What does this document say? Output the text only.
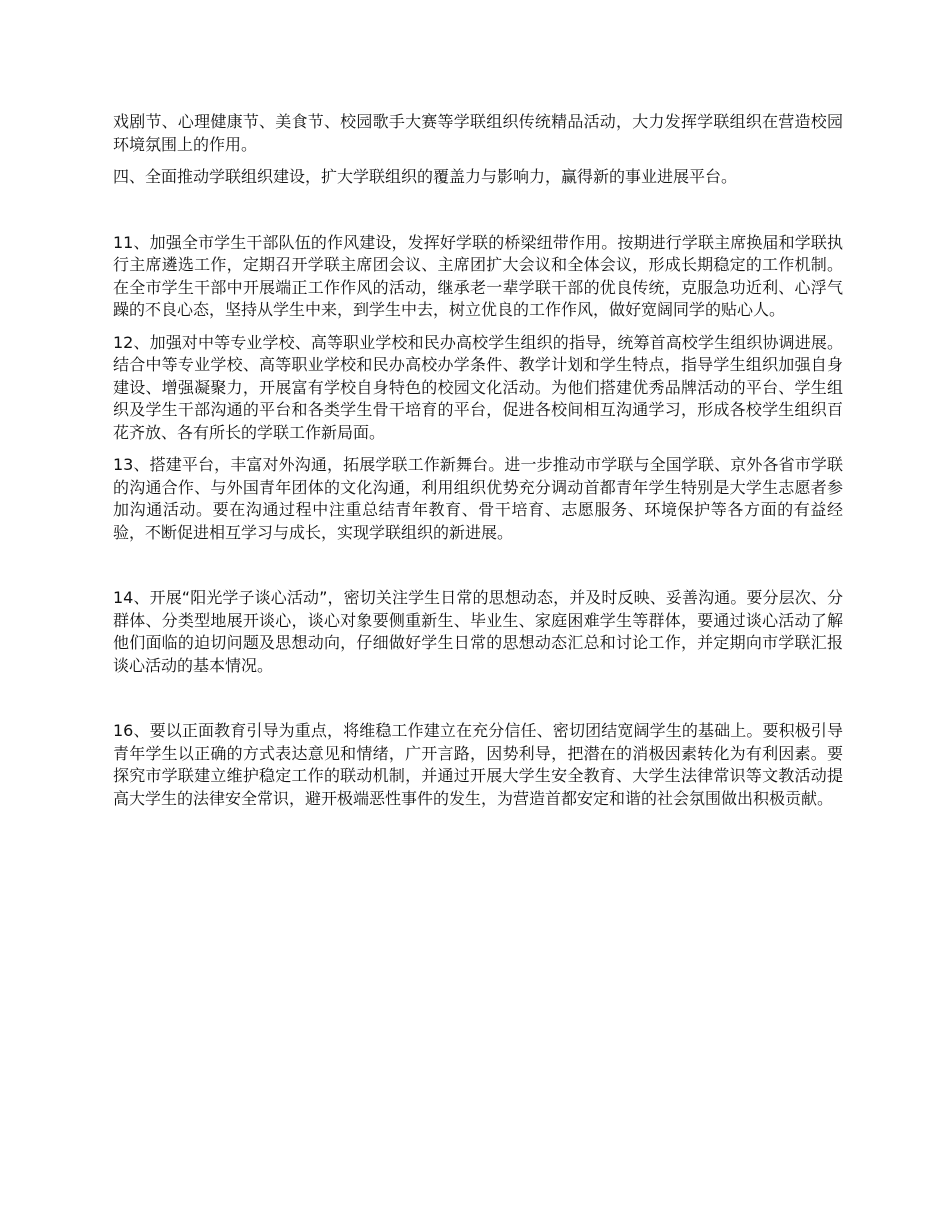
戏剧节、心理健康节、美食节、校园歌手大赛等学联组织传统精品活动，大力发挥学联组织在营造校园环境氛围上的作用。

四、全面推动学联组织建设，扩大学联组织的覆盖力与影响力，赢得新的事业进展平台。

11、加强全市学生干部队伍的作风建设，发挥好学联的桥梁纽带作用。按期进行学联主席换届和学联执行主席遴选工作，定期召开学联主席团会议、主席团扩大会议和全体会议，形成长期稳定的工作机制。在全市学生干部中开展端正工作作风的活动，继承老一辈学联干部的优良传统，克服急功近利、心浮气躁的不良心态，坚持从学生中来，到学生中去，树立优良的工作作风，做好宽阔同学的贴心人。

12、加强对中等专业学校、高等职业学校和民办高校学生组织的指导，统筹首高校学生组织协调进展。结合中等专业学校、高等职业学校和民办高校办学条件、教学计划和学生特点，指导学生组织加强自身建设、增强凝聚力，开展富有学校自身特色的校园文化活动。为他们搭建优秀品牌活动的平台、学生组织及学生干部沟通的平台和各类学生骨干培育的平台，促进各校间相互沟通学习，形成各校学生组织百花齐放、各有所长的学联工作新局面。

13、搭建平台，丰富对外沟通，拓展学联工作新舞台。进一步推动市学联与全国学联、京外各省市学联的沟通合作、与外国青年团体的文化沟通，利用组织优势充分调动首都青年学生特别是大学生志愿者参加沟通活动。要在沟通过程中注重总结青年教育、骨干培育、志愿服务、环境保护等各方面的有益经验，不断促进相互学习与成长，实现学联组织的新进展。

14、开展“阳光学子谈心活动”，密切关注学生日常的思想动态，并及时反映、妥善沟通。要分层次、分群体、分类型地展开谈心，谈心对象要侧重新生、毕业生、家庭困难学生等群体，要通过谈心活动了解他们面临的迫切问题及思想动向，仔细做好学生日常的思想动态汇总和讨论工作，并定期向市学联汇报谈心活动的基本情况。

16、要以正面教育引导为重点，将维稳工作建立在充分信任、密切团结宽阔学生的基础上。要积极引导青年学生以正确的方式表达意见和情绪，广开言路，因势利导，把潜在的消极因素转化为有利因素。要探究市学联建立维护稳定工作的联动机制，并通过开展大学生安全教育、大学生法律常识等文教活动提高大学生的法律安全常识，避开极端恶性事件的发生，为营造首都安定和谐的社会氛围做出积极贡献。
